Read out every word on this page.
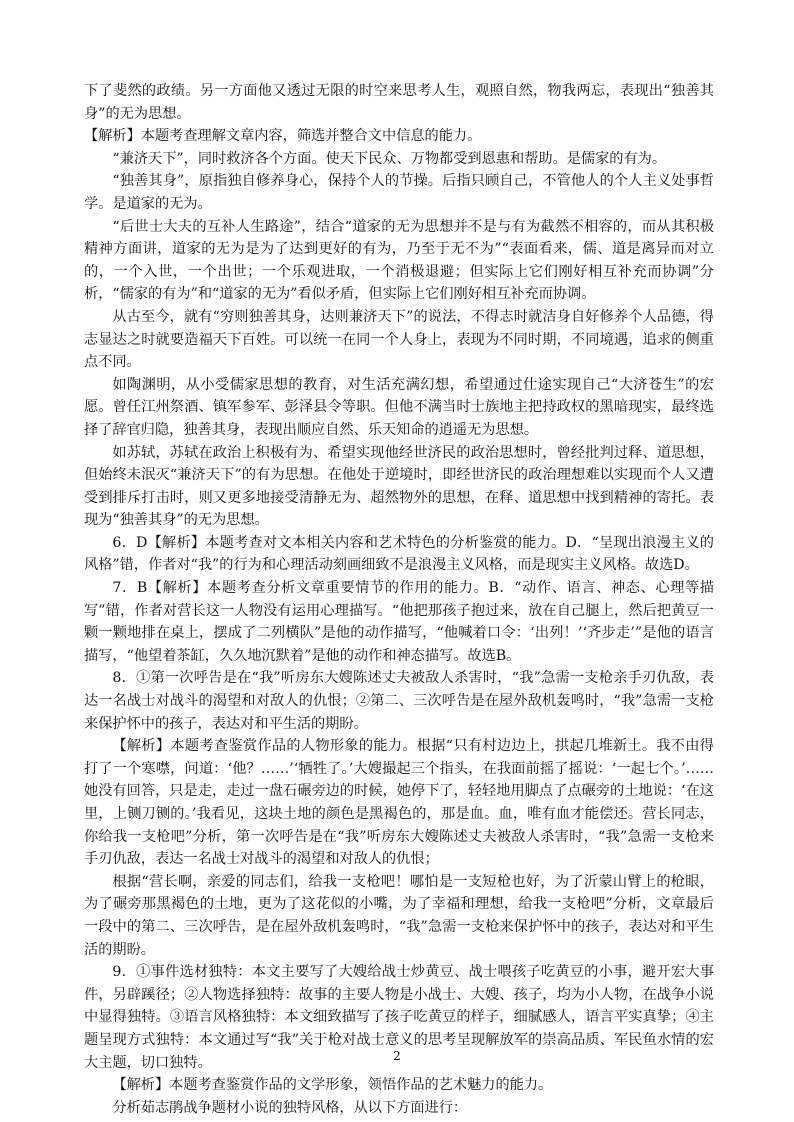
下了斐然的政绩。另一方面他又透过无限的时空来思考人生，观照自然，物我两忘，表现出“独善其身”的无为思想。

【解析】本题考查理解文章内容，筛选并整合文中信息的能力。

“兼济天下”，同时救济各个方面。使天下民众、万物都受到恩惠和帮助。是儒家的有为。

“独善其身”，原指独自修养身心，保持个人的节操。后指只顾自己，不管他人的个人主义处事哲学。是道家的无为。

“后世士大夫的互补人生路途”，结合“道家的无为思想并不是与有为截然不相容的，而从其积极精神方面讲，道家的无为是为了达到更好的有为，乃至于无不为”“表面看来，儒、道是离异而对立的，一个入世，一个出世；一个乐观进取，一个消极退避；但实际上它们刚好相互补充而协调”分析，“儒家的有为”和“道家的无为”看似矛盾，但实际上它们刚好相互补充而协调。

从古至今，就有“穷则独善其身，达则兼济天下”的说法，不得志时就洁身自好修养个人品德，得志显达之时就要造福天下百姓。可以统一在同一个人身上，表现为不同时期，不同境遇，追求的侧重点不同。

如陶渊明，从小受儒家思想的教育，对生活充满幻想，希望通过仕途实现自己“大济苍生”的宏愿。曾任江州祭酒、镇军参军、彭泽县令等职。但他不满当时士族地主把持政权的黑暗现实，最终选择了辞官归隐，独善其身，表现出顺应自然、乐天知命的逍遥无为思想。

如苏轼，苏轼在政治上积极有为、希望实现他经世济民的政治思想时，曾经批判过释、道思想，但始终未泯灭“兼济天下”的有为思想。在他处于逆境时，即经世济民的政治理想难以实现而个人又遭受到排斥打击时，则又更多地接受清静无为、超然物外的思想，在释、道思想中找到精神的寄托。表现为“独善其身”的无为思想。

6．D【解析】本题考查对文本相关内容和艺术特色的分析鉴赏的能力。D．“呈现出浪漫主义的风格”错，作者对“我”的行为和心理活动刻画细致不是浪漫主义风格，而是现实主义风格。故选D。

7．B【解析】本题考查分析文章重要情节的作用的能力。B．“动作、语言、神态、心理等描写”错，作者对营长这一人物没有运用心理描写。“他把那孩子抱过来，放在自己腿上，然后把黄豆一颗一颗地排在桌上，摆成了二列横队”是他的动作描写，“他喊着口令：‘出列！’‘齐步走’”是他的语言描写，“他望着茶缸，久久地沉默着”是他的动作和神态描写。故选B。

8．①第一次呼告是在“我”听房东大嫂陈述丈夫被敌人杀害时，“我”急需一支枪亲手刃仇敌，表达一名战士对战斗的渴望和对敌人的仇恨；②第二、三次呼告是在屋外敌机轰鸣时，“我”急需一支枪来保护怀中的孩子，表达对和平生活的期盼。

【解析】本题考查鉴赏作品的人物形象的能力。根据“只有村边边上，拱起几堆新土。我不由得打了一个寒噤，问道：‘他？……’‘牺牲了。’大嫂撮起三个指头，在我面前摇了摇说：‘一起七个。’……她没有回答，只是走，走过一盘石碾旁边的时候，她停下了，轻轻地用脚点了点碾旁的土地说：‘在这里，上铡刀铡的。’我看见，这块土地的颜色是黑褐色的，那是血。血，唯有血才能偿还。营长同志，你给我一支枪吧”分析，第一次呼告是在“我”听房东大嫂陈述丈夫被敌人杀害时，“我”急需一支枪来手刃仇敌，表达一名战士对战斗的渴望和对敌人的仇恨；

根据“营长啊，亲爱的同志们，给我一支枪吧！哪怕是一支短枪也好，为了沂蒙山臂上的枪眼，为了碾旁那黑褐色的土地，更为了这花似的小嘴，为了幸福和理想，给我一支枪吧”分析，文章最后一段中的第二、三次呼告，是在屋外敌机轰鸣时，“我”急需一支枪来保护怀中的孩子，表达对和平生活的期盼。

9．①事件选材独特：本文主要写了大嫂给战士炒黄豆、战士喂孩子吃黄豆的小事，避开宏大事件，另辟蹊径；②人物选择独特：故事的主要人物是小战士、大嫂、孩子，均为小人物，在战争小说中显得独特。③语言风格独特：本文细致描写了孩子吃黄豆的样子，细腻感人，语言平实真挚；④主题呈现方式独特：本文通过写“我”关于枪对战士意义的思考呈现解放军的崇高品质、军民鱼水情的宏大主题，切口独特。

【解析】本题考查鉴赏作品的文学形象，领悟作品的艺术魅力的能力。

分析茹志鹃战争题材小说的独特风格，从以下方面进行：

2
